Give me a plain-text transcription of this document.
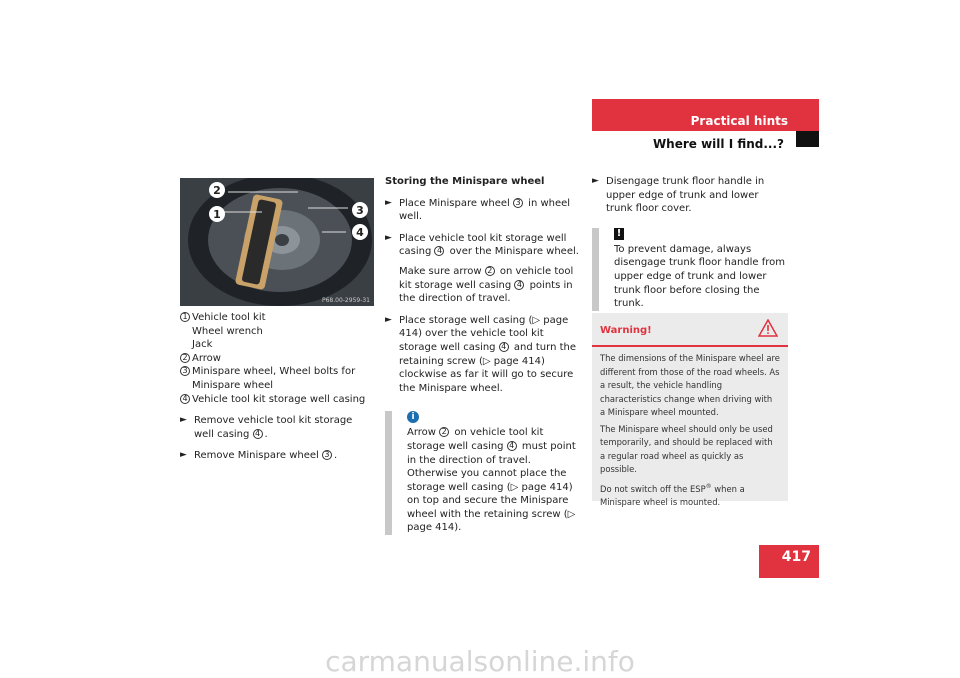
Practical hints
Where will I find...?
2
1	3
4
P68.00-2959-31
1 Vehicle tool kit
Wheel wrench
Jack
2 Arrow
3 Minispare wheel, Wheel bolts for
Minispare wheel
4 Vehicle tool kit storage well casing
► Remove vehicle tool kit storage well casing 4 .
► Remove Minispare wheel 3 .
Storing the Minispare wheel
► Place Minispare wheel 3 in wheel well.
► Place vehicle tool kit storage well casing 4 over the Minispare wheel.
Make sure arrow 2 on vehicle tool kit storage well casing 4 points in the direction of travel.
► Place storage well casing (▷ page 414) over the vehicle tool kit storage well casing 4 and turn the retaining screw (▷ page 414) clockwise as far it will go to secure the Minispare wheel.
i
Arrow 2 on vehicle tool kit storage well casing 4 must point in the direction of travel. Otherwise you cannot place the storage well casing (▷ page 414) on top and secure the Minispare wheel with the retaining screw (▷ page 414).
► Disengage trunk floor handle in upper edge of trunk and lower trunk floor cover.
!
To prevent damage, always disengage trunk floor handle from upper edge of trunk and lower trunk floor before closing the trunk.
Warning!

The dimensions of the Minispare wheel are different from those of the road wheels. As a result, the vehicle handling characteristics change when driving with a Minispare wheel mounted.

The Minispare wheel should only be used temporarily, and should be replaced with a regular road wheel as quickly as possible.

Do not switch off the ESP® when a Minispare wheel is mounted.

417
carmanualsonline.info
